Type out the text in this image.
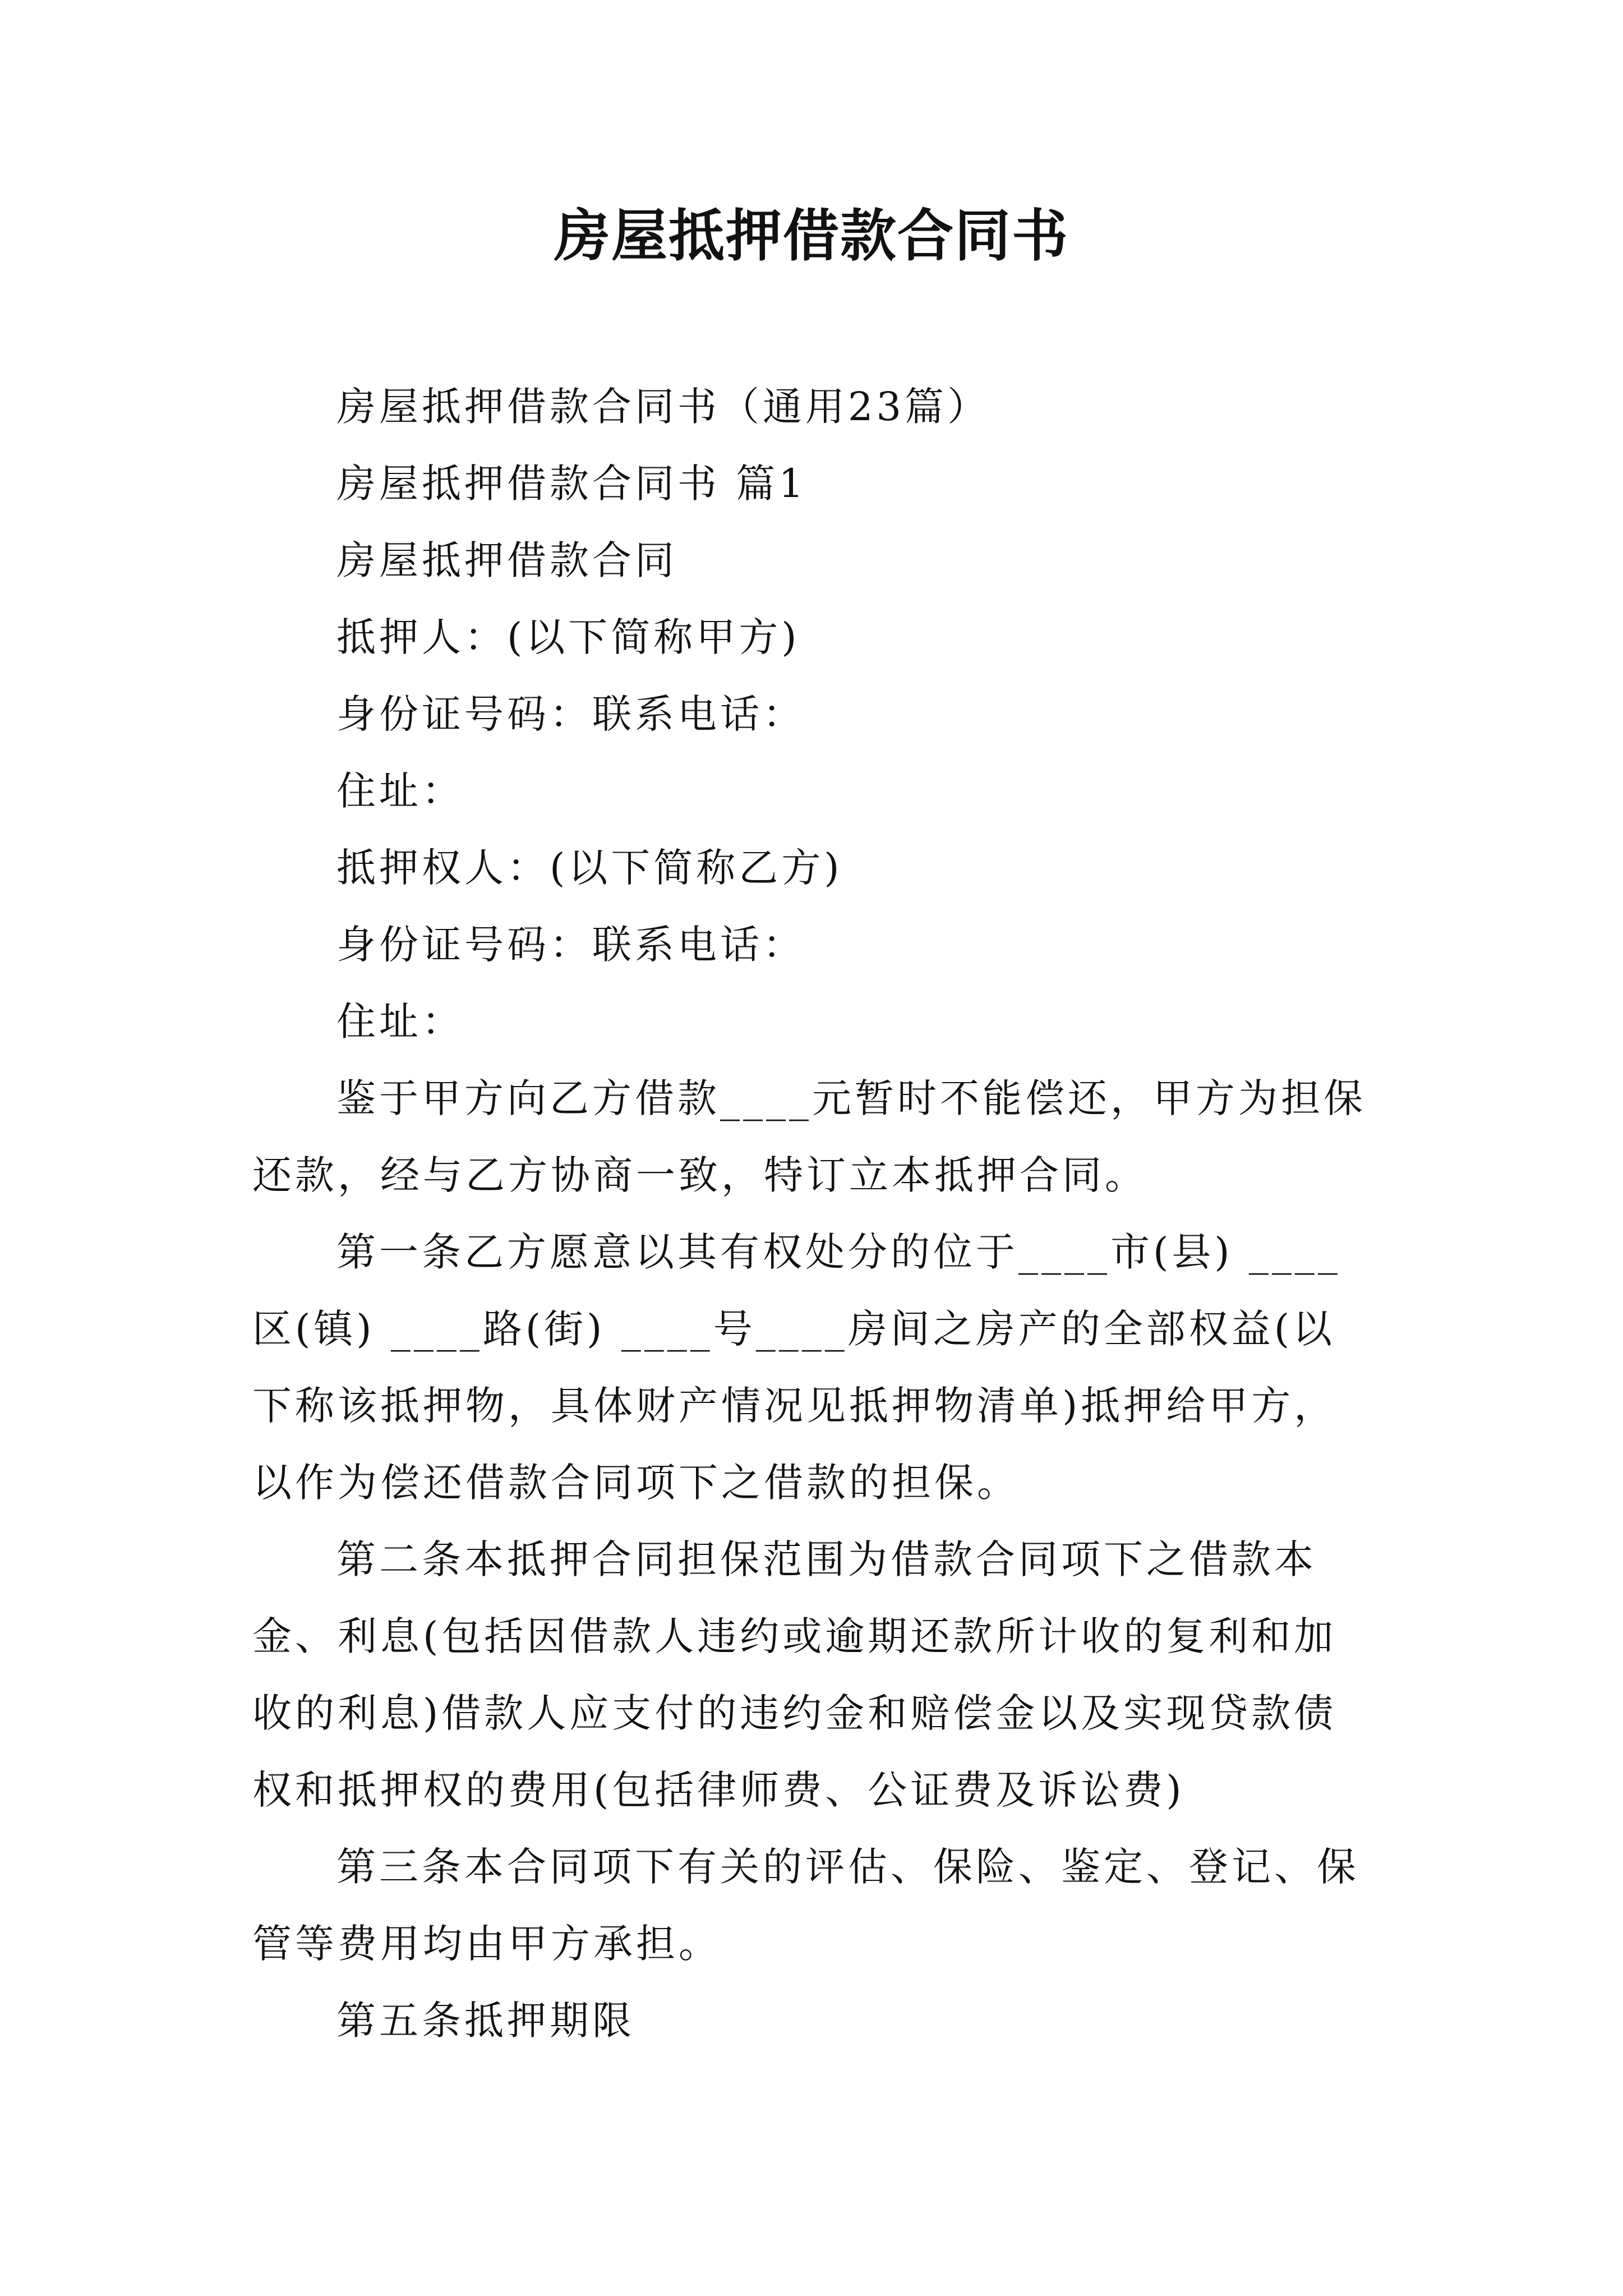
房屋抵押借款合同书

房屋抵押借款合同书（通用23篇）

房屋抵押借款合同书 篇1

房屋抵押借款合同

抵押人：(以下简称甲方)

身份证号码：联系电话：

住址：

抵押权人：(以下简称乙方)

身份证号码：联系电话：

住址：

鉴于甲方向乙方借款____元暂时不能偿还，甲方为担保
还款，经与乙方协商一致，特订立本抵押合同。
第一条乙方愿意以其有权处分的位于____市(县) ____
区(镇) ____路(街) ____号____房间之房产的全部权益(以
下称该抵押物，具体财产情况见抵押物清单)抵押给甲方，
以作为偿还借款合同项下之借款的担保。
第二条本抵押合同担保范围为借款合同项下之借款本
金、利息(包括因借款人违约或逾期还款所计收的复利和加
收的利息)借款人应支付的违约金和赔偿金以及实现贷款债
权和抵押权的费用(包括律师费、公证费及诉讼费)
第三条本合同项下有关的评估、保险、鉴定、登记、保
管等费用均由甲方承担。
第五条抵押期限
